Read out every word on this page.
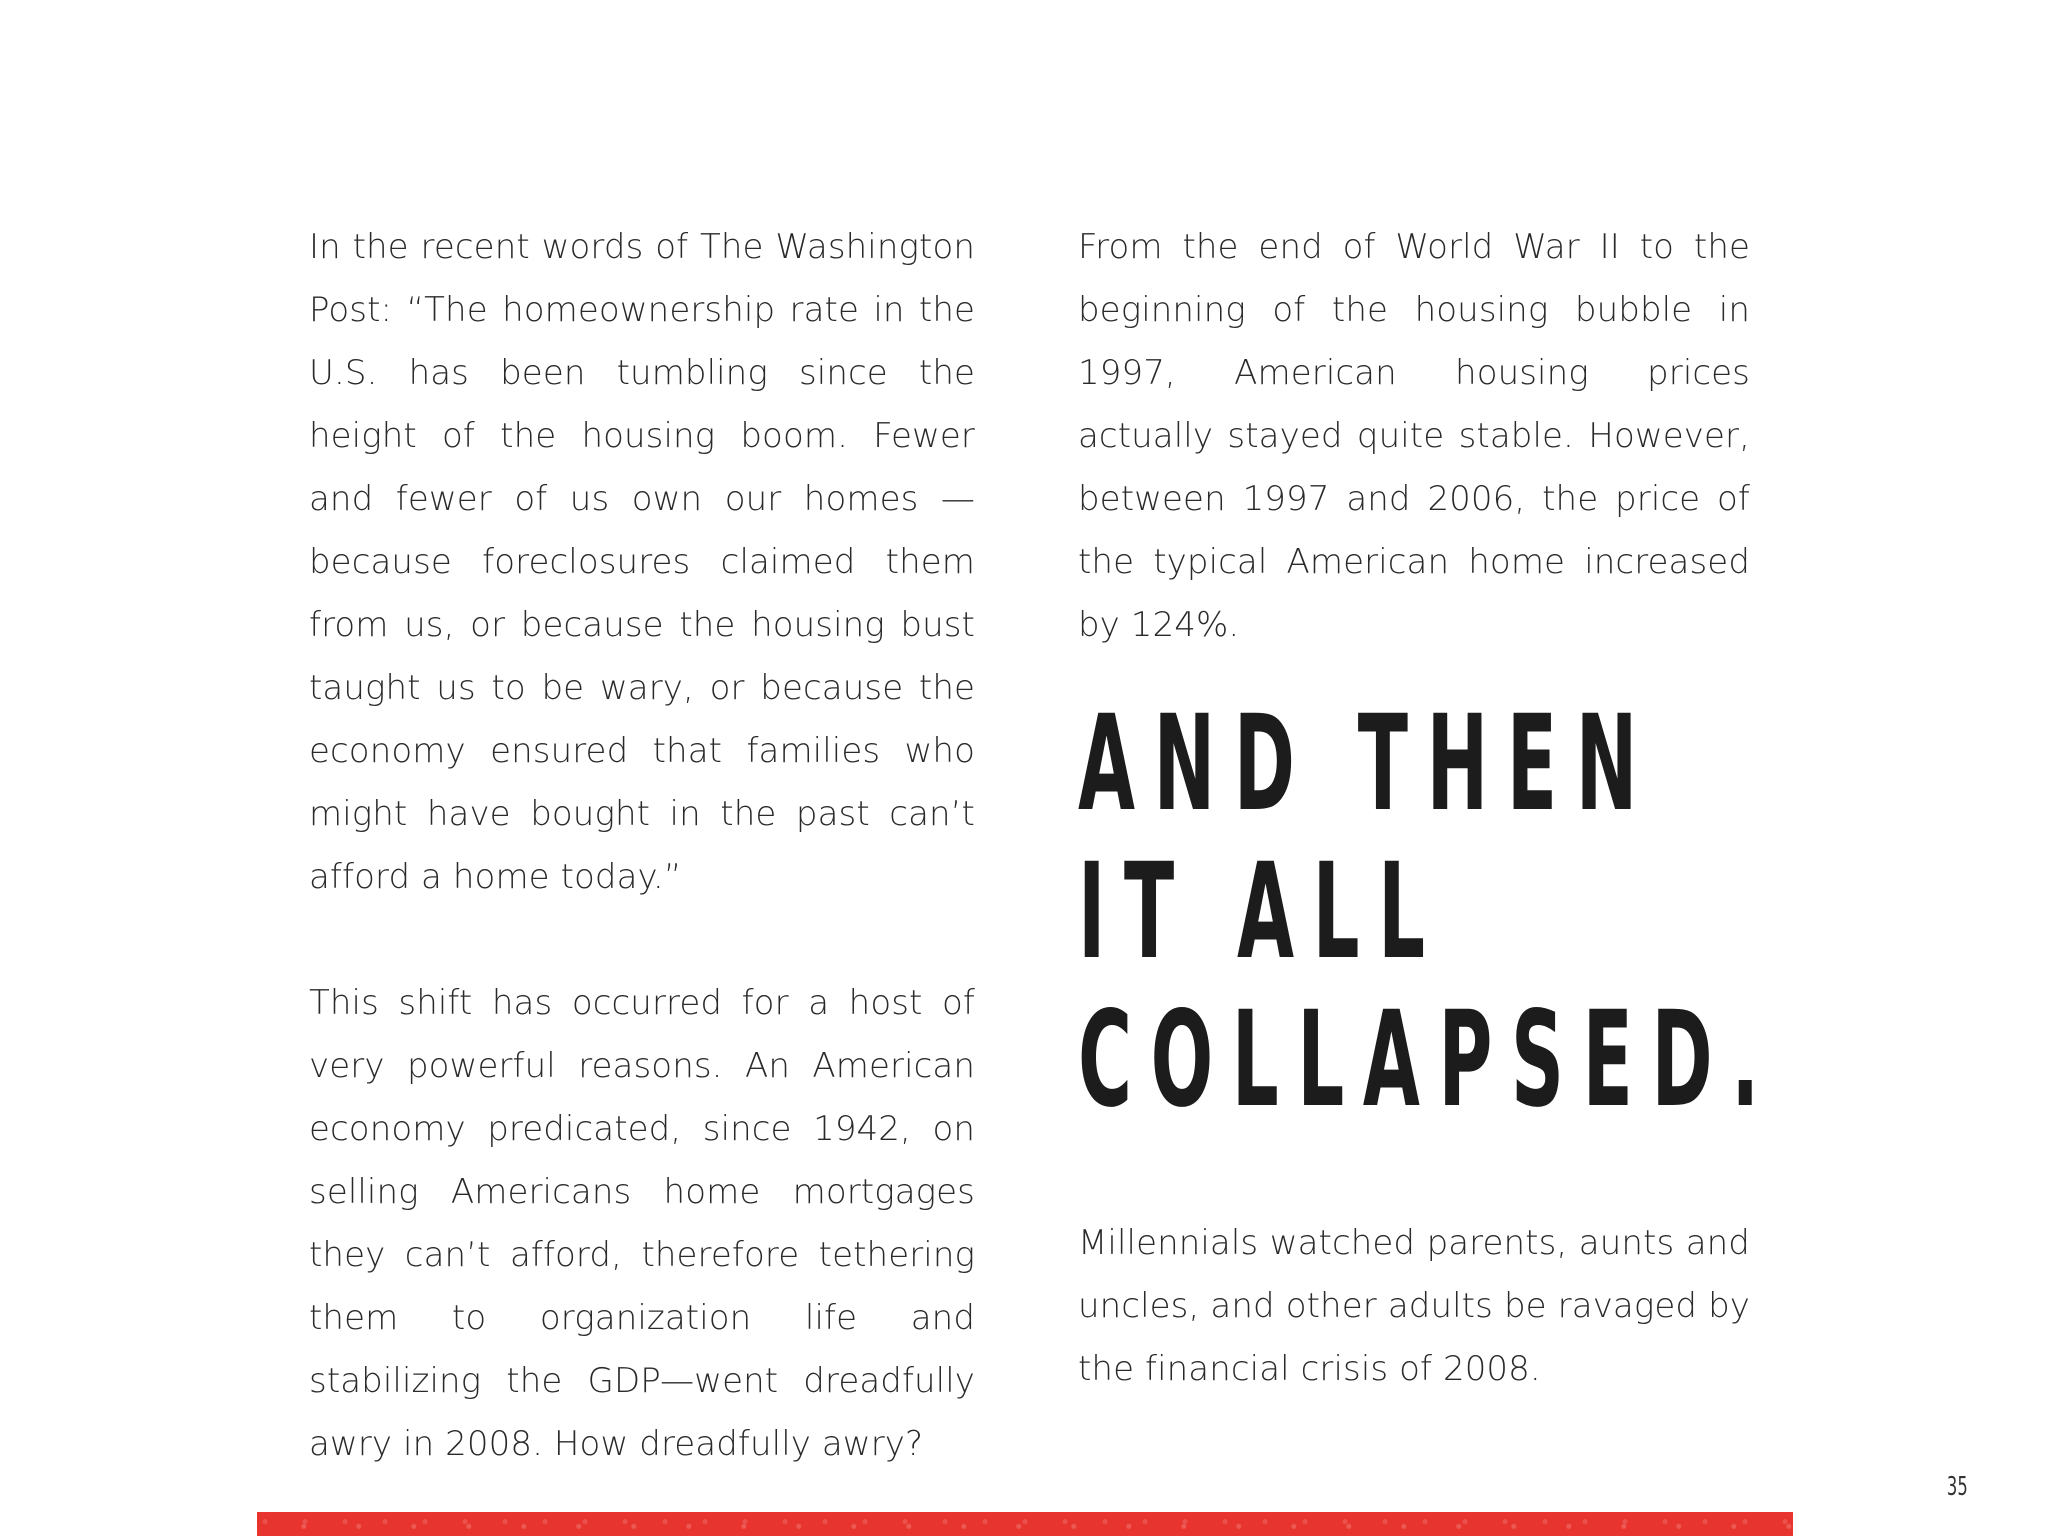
In the recent words of The Washington Post: “The homeownership rate in the U.S. has been tumbling since the height of the housing boom. Fewer and fewer of us own our homes — because foreclosures claimed them from us, or because the housing bust taught us to be wary, or because the economy ensured that families who might have bought in the past can’t afford a home today.”

This shift has occurred for a host of very powerful reasons. An American economy predicated, since 1942, on selling Americans home mortgages they can’t afford, therefore tethering them to organization life and stabilizing the GDP—went dreadfully awry in 2008. How dreadfully awry?

From the end of World War II to the beginning of the housing bubble in 1997, American housing prices actually stayed quite stable. However, between 1997 and 2006, the price of the typical American home increased by 124%.

Millennials watched parents, aunts and uncles, and other adults be ravaged by the financial crisis of 2008.

AND THEN
IT ALL
COLLAPSED.
35
